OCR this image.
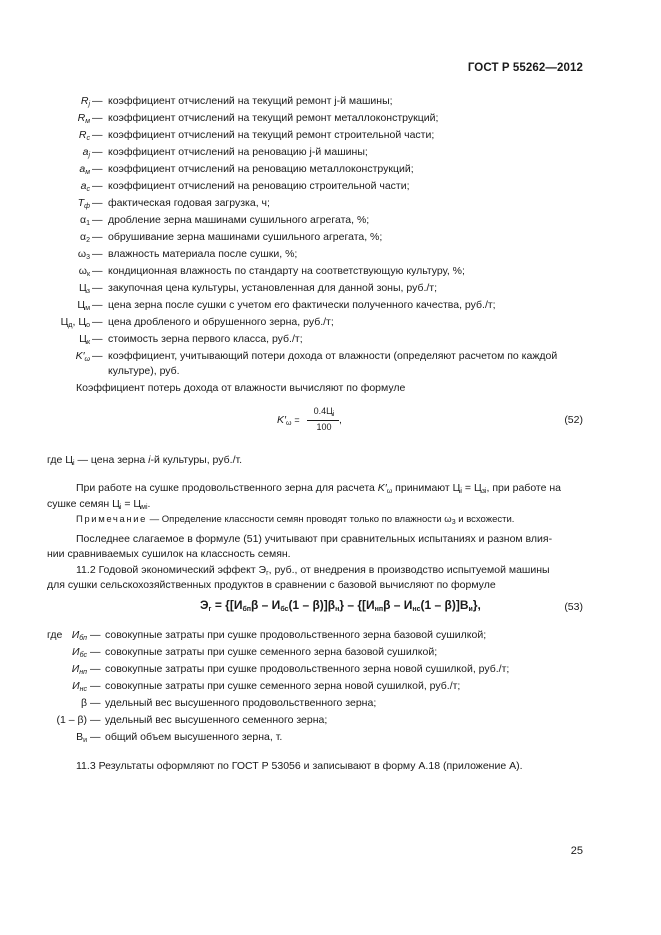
ГОСТ Р 55262—2012
$R_j$ — коэффициент отчислений на текущий ремонт j-й машины;
$R_м$ — коэффициент отчислений на текущий ремонт металлоконструкций;
$R_c$ — коэффициент отчислений на текущий ремонт строительной части;
$a_j$ — коэффициент отчислений на реновацию j-й машины;
$a_м$ — коэффициент отчислений на реновацию металлоконструкций;
$a_c$ — коэффициент отчислений на реновацию строительной части;
$T_ф$ — фактическая годовая загрузка, ч;
$\alpha_1$ — дробление зерна машинами сушильного агрегата, %;
$\alpha_2$ — обрушивание зерна машинами сушильного агрегата, %;
$\omega_3$ — влажность материала после сушки, %;
$\omega_к$ — кондиционная влажность по стандарту на соответствующую культуру, %;
$Ц_з$ — закупочная цена культуры, установленная для данной зоны, руб./т;
$Ц_м$ — цена зерна после сушки с учетом его фактически полученного качества, руб./т;
$Ц_д$, $Ц_о$ — цена дробленого и обрушенного зерна, руб./т;
$Ц_к$ — стоимость зерна первого класса, руб./т;
$K'_\omega$ — коэффициент, учитывающий потери дохода от влажности (определяют расчетом по каждой
культуре), руб.
Коэффициент потерь дохода от влажности вычисляют по формуле
$K'_\omega$ =
$0.4Ц_i$
100
,	(52)
где $Ц_i$ — цена зерна i-й культуры, руб./т.
При работе на сушке продовольственного зерна для расчета $K'_\omega$ принимают $Ц_i = Ц_{зi}$, при работе на
сушке семян $Ц_i = Ц_{мi}$.
Примечание — Определение классности семян проводят только по влажности $\omega_3$ и всхожести.
Последнее слагаемое в формуле (51) учитывают при сравнительных испытаниях и разном влия-
нии сравниваемых сушилок на классность семян.
11.2 Годовой экономический эффект $Э_г$, руб., от внедрения в производство испытуемой машины
для сушки сельскохозяйственных продуктов в сравнении с базовой вычисляют по формуле
$Э_г = \{[И_{бп}\beta - И_{бс}(1 - \beta)]\beta_н\} - \{[И_{нп}\beta - И_{нс}(1 - \beta)]В_и\}$,	(53)
где $И_{бп}$ — совокупные затраты при сушке продовольственного зерна базовой сушилкой;
$И_{бс}$ — совокупные затраты при сушке семенного зерна базовой сушилкой;
$И_{нп}$ — совокупные затраты при сушке продовольственного зерна новой сушилкой, руб./т;
$И_{нс}$ — совокупные затраты при сушке семенного зерна новой сушилкой, руб./т;
β — удельный вес высушенного продовольственного зерна;
(1 – β) — удельный вес высушенного семенного зерна;
$В_и$ — общий объем высушенного зерна, т.
11.3 Результаты оформляют по ГОСТ Р 53056 и записывают в форму А.18 (приложение А).
25
